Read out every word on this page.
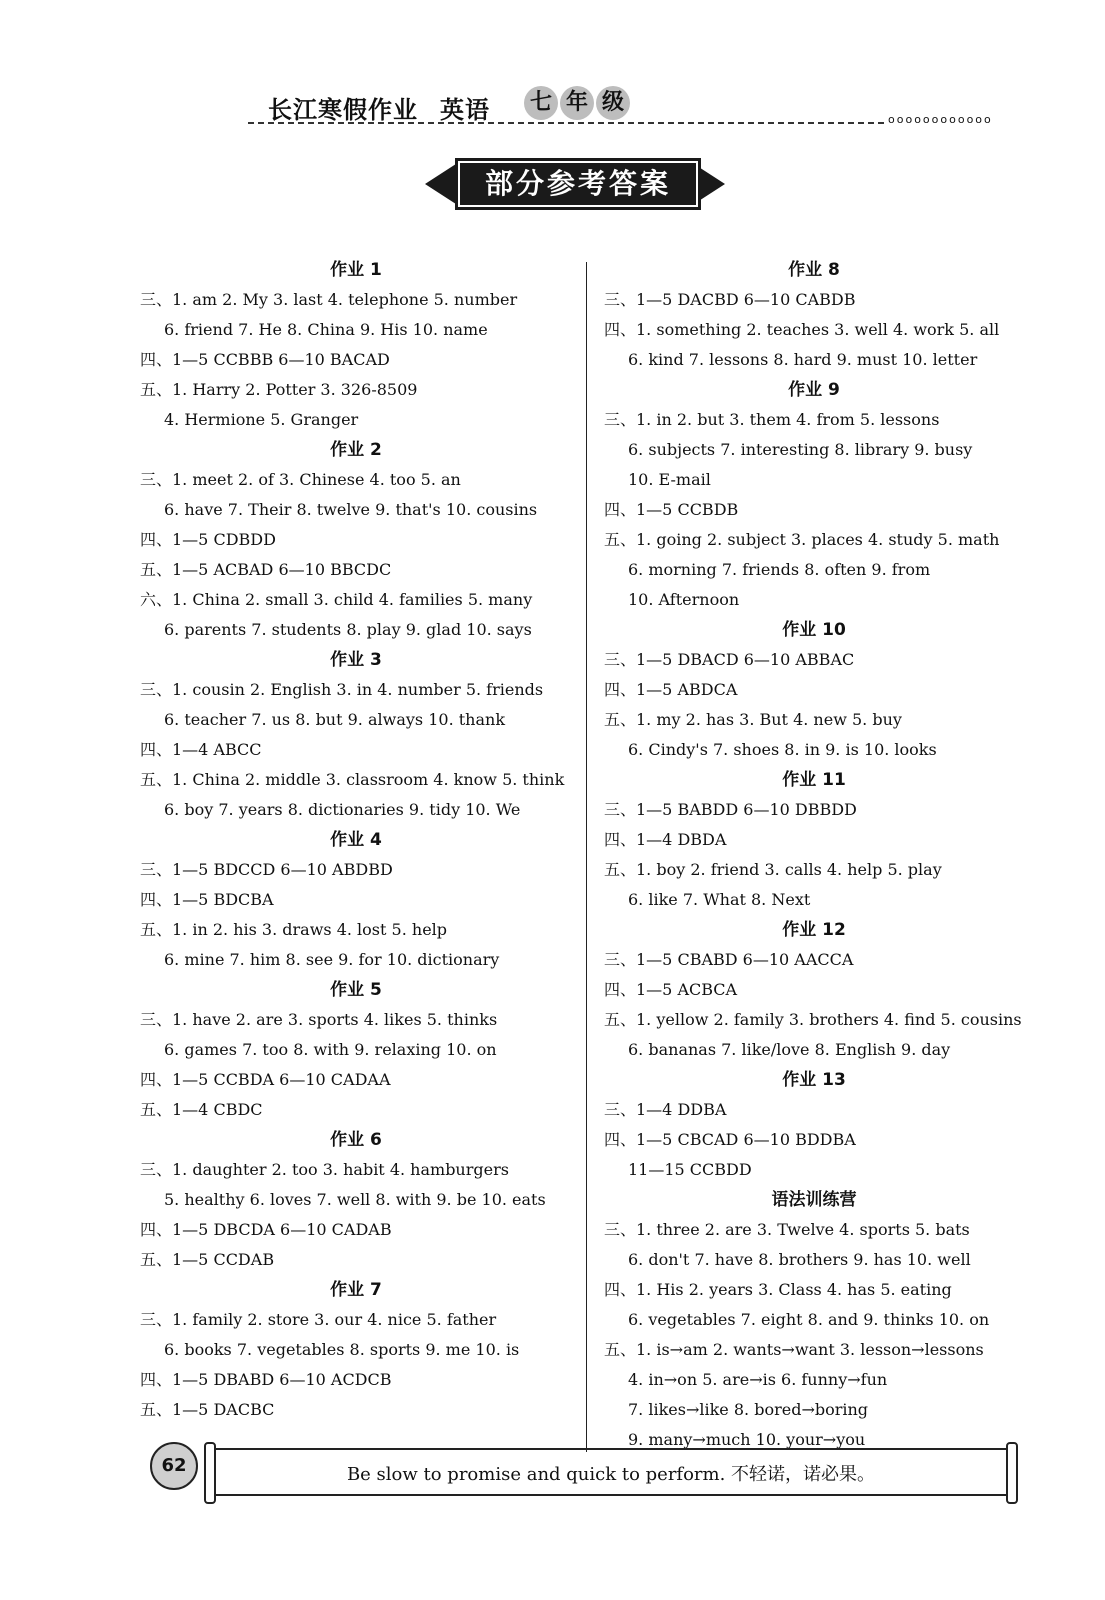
长江寒假作业 英语 七 年 级
oooooooooooo
部分参考答案
作业 1
三、1. am 2. My 3. last 4. telephone 5. number
6. friend 7. He 8. China 9. His 10. name
四、1—5 CCBBB 6—10 BACAD
五、1. Harry 2. Potter 3. 326-8509
4. Hermione 5. Granger
作业 2
三、1. meet 2. of 3. Chinese 4. too 5. an
6. have 7. Their 8. twelve 9. that's 10. cousins
四、1—5 CDBDD
五、1—5 ACBAD 6—10 BBCDC
六、1. China 2. small 3. child 4. families 5. many
6. parents 7. students 8. play 9. glad 10. says
作业 3
三、1. cousin 2. English 3. in 4. number 5. friends
6. teacher 7. us 8. but 9. always 10. thank
四、1—4 ABCC
五、1. China 2. middle 3. classroom 4. know 5. think
6. boy 7. years 8. dictionaries 9. tidy 10. We
作业 4
三、1—5 BDCCD 6—10 ABDBD
四、1—5 BDCBA
五、1. in 2. his 3. draws 4. lost 5. help
6. mine 7. him 8. see 9. for 10. dictionary
作业 5
三、1. have 2. are 3. sports 4. likes 5. thinks
6. games 7. too 8. with 9. relaxing 10. on
四、1—5 CCBDA 6—10 CADAA
五、1—4 CBDC
作业 6
三、1. daughter 2. too 3. habit 4. hamburgers
5. healthy 6. loves 7. well 8. with 9. be 10. eats
四、1—5 DBCDA 6—10 CADAB
五、1—5 CCDAB
作业 7
三、1. family 2. store 3. our 4. nice 5. father
6. books 7. vegetables 8. sports 9. me 10. is
四、1—5 DBABD 6—10 ACDCB
五、1—5 DACBC
作业 8
三、1—5 DACBD 6—10 CABDB
四、1. something 2. teaches 3. well 4. work 5. all
6. kind 7. lessons 8. hard 9. must 10. letter
作业 9
三、1. in 2. but 3. them 4. from 5. lessons
6. subjects 7. interesting 8. library 9. busy
10. E-mail
四、1—5 CCBDB
五、1. going 2. subject 3. places 4. study 5. math
6. morning 7. friends 8. often 9. from
10. Afternoon
作业 10
三、1—5 DBACD 6—10 ABBAC
四、1—5 ABDCA
五、1. my 2. has 3. But 4. new 5. buy
6. Cindy's 7. shoes 8. in 9. is 10. looks
作业 11
三、1—5 BABDD 6—10 DBBDD
四、1—4 DBDA
五、1. boy 2. friend 3. calls 4. help 5. play
6. like 7. What 8. Next
作业 12
三、1—5 CBABD 6—10 AACCA
四、1—5 ACBCA
五、1. yellow 2. family 3. brothers 4. find 5. cousins
6. bananas 7. like/love 8. English 9. day
作业 13
三、1—4 DDBA
四、1—5 CBCAD 6—10 BDDBA
11—15 CCBDD
语法训练营
三、1. three 2. are 3. Twelve 4. sports 5. bats
6. don't 7. have 8. brothers 9. has 10. well
四、1. His 2. years 3. Class 4. has 5. eating
6. vegetables 7. eight 8. and 9. thinks 10. on
五、1. is→am 2. wants→want 3. lesson→lessons
4. in→on 5. are→is 6. funny→fun
7. likes→like 8. bored→boring
9. many→much 10. your→you
62	Be slow to promise and quick to perform. 不轻诺，诺必果。
